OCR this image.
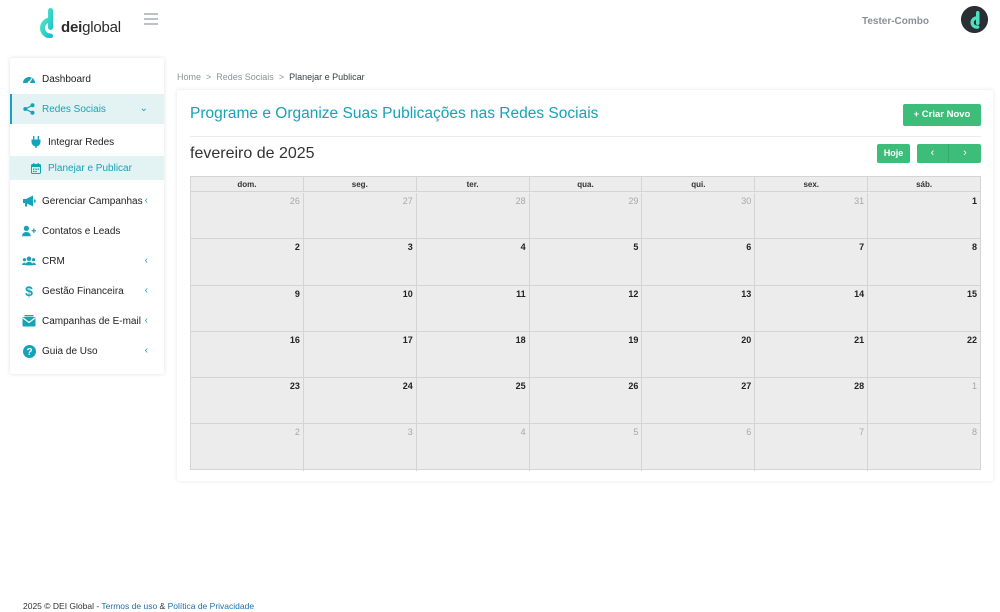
deiglobal	Tester-Combo
Dashboard
Redes Sociais	⌄
Integrar Redes
Planejar e Publicar
Gerenciar Campanhas ‹
Contatos e Leads
CRM	‹
$ Gestão Financeira ‹
Campanhas de E-mail ‹
? Guia de Uso	‹
Home > Redes Sociais > Planejar e Publicar
Programe e Organize Suas Publicações nas Redes Sociais	+ Criar Novo
fevereiro de 2025	Hoje	‹	›
dom.	seg.	ter.	qua.	qui.	sex.	sáb.
26	27	28	29	30	31	1
2	3	4	5	6	7	8
9	10	11	12	13	14	15
16	17	18	19	20	21	22
23	24	25	26	27	28	1
2	3	4	5	6	7	8
2025 © DEI Global - Termos de uso & Política de Privacidade
